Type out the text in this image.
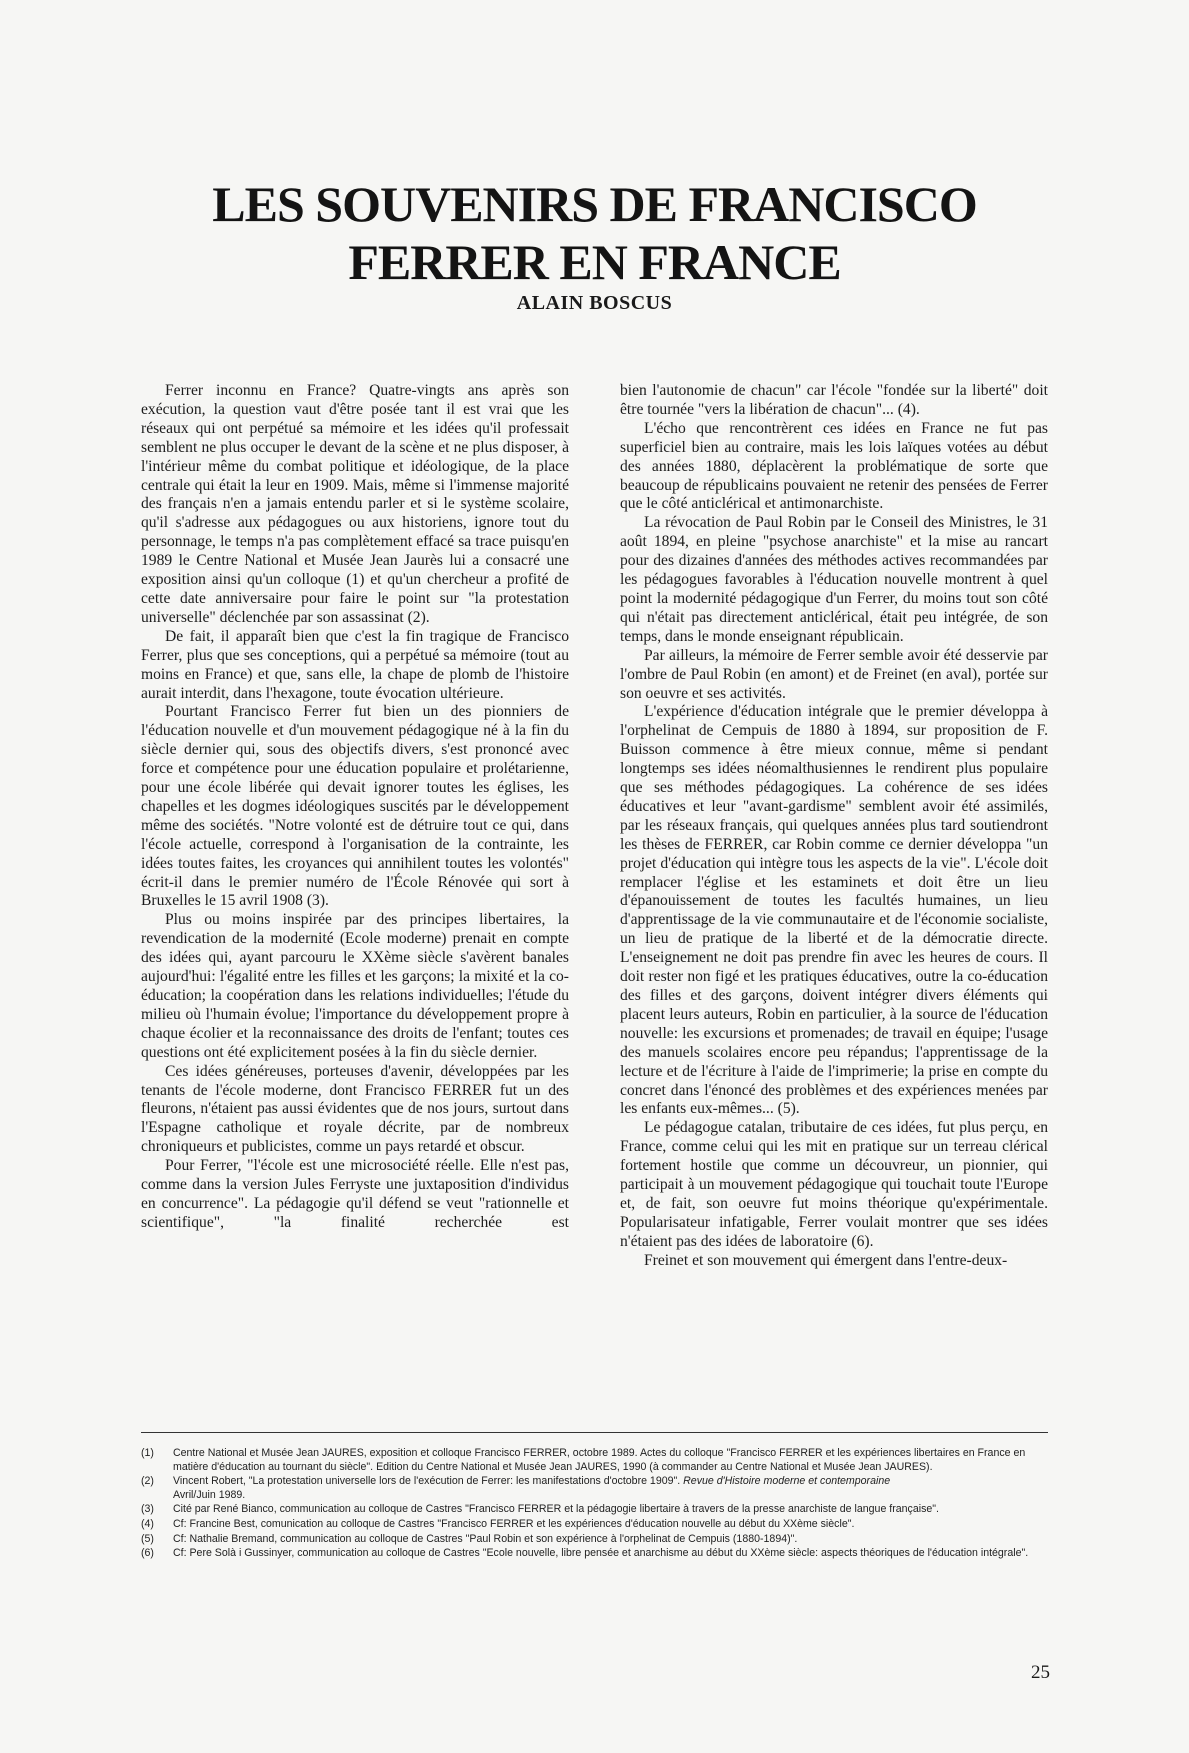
LES SOUVENIRS DE FRANCISCO
FERRER EN FRANCE
ALAIN BOSCUS

Ferrer inconnu en France? Quatre-vingts ans après son exécution, la question vaut d'être posée tant il est vrai que les réseaux qui ont perpétué sa mémoire et les idées qu'il professait semblent ne plus occuper le devant de la scène et ne plus disposer, à l'intérieur même du combat politique et idéologique, de la place centrale qui était la leur en 1909. Mais, même si l'immense majorité des français n'en a jamais entendu parler et si le système scolaire, qu'il s'adresse aux pédagogues ou aux historiens, ignore tout du personnage, le temps n'a pas complètement effacé sa trace puisqu'en 1989 le Centre National et Musée Jean Jaurès lui a consacré une exposition ainsi qu'un colloque (1) et qu'un chercheur a profité de cette date anniversaire pour faire le point sur "la protestation universelle" déclenchée par son assassinat (2).

De fait, il apparaît bien que c'est la fin tragique de Francisco Ferrer, plus que ses conceptions, qui a perpétué sa mémoire (tout au moins en France) et que, sans elle, la chape de plomb de l'histoire aurait interdit, dans l'hexagone, toute évocation ultérieure.

Pourtant Francisco Ferrer fut bien un des pionniers de l'éducation nouvelle et d'un mouvement pédagogique né à la fin du siècle dernier qui, sous des objectifs divers, s'est prononcé avec force et compétence pour une éducation populaire et prolétarienne, pour une école libérée qui devait ignorer toutes les églises, les chapelles et les dogmes idéologiques suscités par le développement même des sociétés. "Notre volonté est de détruire tout ce qui, dans l'école actuelle, correspond à l'organisation de la contrainte, les idées toutes faites, les croyances qui annihilent toutes les volontés" écrit-il dans le premier numéro de l'École Rénovée qui sort à Bruxelles le 15 avril 1908 (3).

Plus ou moins inspirée par des principes libertaires, la revendication de la modernité (Ecole moderne) prenait en compte des idées qui, ayant parcouru le XXème siècle s'avèrent banales aujourd'hui: l'égalité entre les filles et les garçons; la mixité et la co-éducation; la coopération dans les relations individuelles; l'étude du milieu où l'humain évolue; l'importance du développement propre à chaque écolier et la reconnaissance des droits de l'enfant; toutes ces questions ont été explicitement posées à la fin du siècle dernier.

Ces idées généreuses, porteuses d'avenir, développées par les tenants de l'école moderne, dont Francisco FERRER fut un des fleurons, n'étaient pas aussi évidentes que de nos jours, surtout dans l'Espagne catholique et royale décrite, par de nombreux chroniqueurs et publicistes, comme un pays retardé et obscur.

Pour Ferrer, "l'école est une microsociété réelle. Elle n'est pas, comme dans la version Jules Ferryste une juxtaposition d'individus en concurrence". La pédagogie qu'il défend se veut "rationnelle et scientifique", "la finalité recherchée est

bien l'autonomie de chacun" car l'école "fondée sur la liberté" doit être tournée "vers la libération de chacun"... (4).

L'écho que rencontrèrent ces idées en France ne fut pas superficiel bien au contraire, mais les lois laïques votées au début des années 1880, déplacèrent la problématique de sorte que beaucoup de républicains pouvaient ne retenir des pensées de Ferrer que le côté anticlérical et antimonarchiste.

La révocation de Paul Robin par le Conseil des Ministres, le 31 août 1894, en pleine "psychose anarchiste" et la mise au rancart pour des dizaines d'années des méthodes actives recommandées par les pédagogues favorables à l'éducation nouvelle montrent à quel point la modernité pédagogique d'un Ferrer, du moins tout son côté qui n'était pas directement anticlérical, était peu intégrée, de son temps, dans le monde enseignant républicain.

Par ailleurs, la mémoire de Ferrer semble avoir été desservie par l'ombre de Paul Robin (en amont) et de Freinet (en aval), portée sur son oeuvre et ses activités.

L'expérience d'éducation intégrale que le premier développa à l'orphelinat de Cempuis de 1880 à 1894, sur proposition de F. Buisson commence à être mieux connue, même si pendant longtemps ses idées néomalthusiennes le rendirent plus populaire que ses méthodes pédagogiques. La cohérence de ses idées éducatives et leur "avant-gardisme" semblent avoir été assimilés, par les réseaux français, qui quelques années plus tard soutiendront les thèses de FERRER, car Robin comme ce dernier développa "un projet d'éducation qui intègre tous les aspects de la vie". L'école doit remplacer l'église et les estaminets et doit être un lieu d'épanouissement de toutes les facultés humaines, un lieu d'apprentissage de la vie communautaire et de l'économie socialiste, un lieu de pratique de la liberté et de la démocratie directe. L'enseignement ne doit pas prendre fin avec les heures de cours. Il doit rester non figé et les pratiques éducatives, outre la co-éducation des filles et des garçons, doivent intégrer divers éléments qui placent leurs auteurs, Robin en particulier, à la source de l'éducation nouvelle: les excursions et promenades; de travail en équipe; l'usage des manuels scolaires encore peu répandus; l'apprentissage de la lecture et de l'écriture à l'aide de l'imprimerie; la prise en compte du concret dans l'énoncé des problèmes et des expériences menées par les enfants eux-mêmes... (5).

Le pédagogue catalan, tributaire de ces idées, fut plus perçu, en France, comme celui qui les mit en pratique sur un terreau clérical fortement hostile que comme un découvreur, un pionnier, qui participait à un mouvement pédagogique qui touchait toute l'Europe et, de fait, son oeuvre fut moins théorique qu'expérimentale. Popularisateur infatigable, Ferrer voulait montrer que ses idées n'étaient pas des idées de laboratoire (6).

Freinet et son mouvement qui émergent dans l'entre-deux-

(1)	Centre National et Musée Jean JAURES, exposition et colloque Francisco FERRER, octobre 1989. Actes du colloque "Francisco FERRER et les expériences libertaires en France en matière d'éducation au tournant du siècle". Edition du Centre National et Musée Jean JAURES, 1990 (à commander au Centre National et Musée Jean JAURES).
(2)	Vincent Robert, "La protestation universelle lors de l'exécution de Ferrer: les manifestations d'octobre 1909". Revue d'Histoire moderne et contemporaine
Avril/Juin 1989.
(3)	Cité par René Bianco, communication au colloque de Castres "Francisco FERRER et la pédagogie libertaire à travers de la presse anarchiste de langue française".
(4)	Cf: Francine Best, comunication au colloque de Castres "Francisco FERRER et les expériences d'éducation nouvelle au début du XXème siècle".
(5)	Cf: Nathalie Bremand, communication au colloque de Castres "Paul Robin et son expérience à l'orphelinat de Cempuis (1880-1894)".
(6)	Cf: Pere Solà i Gussinyer, communication au colloque de Castres "Ecole nouvelle, libre pensée et anarchisme au début du XXème siècle: aspects théoriques de l'éducation intégrale".
25
